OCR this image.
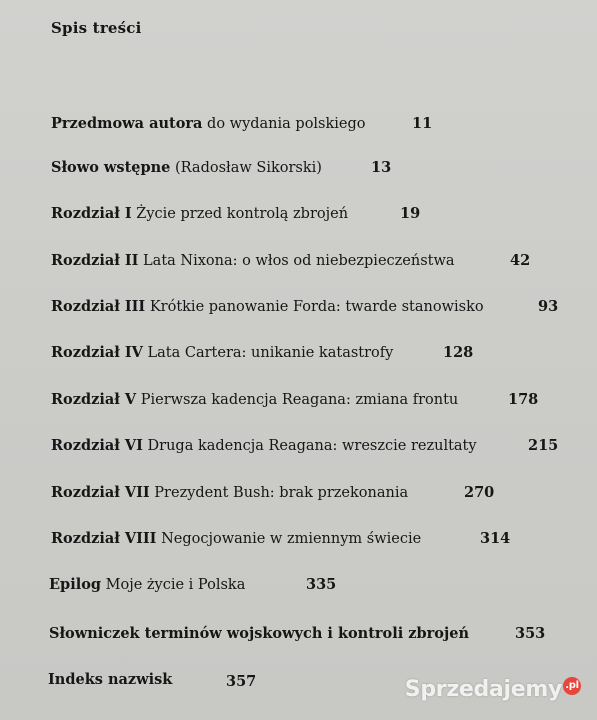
Spis treści
Przedmowa autora do wydania polskiego	11
Słowo wstępne (Radosław Sikorski)	13
Rozdział I Życie przed kontrolą zbrojeń	19
Rozdział II Lata Nixona: o włos od niebezpieczeństwa	42
Rozdział III Krótkie panowanie Forda: twarde stanowisko	93
Rozdział IV Lata Cartera: unikanie katastrofy	128
Rozdział V Pierwsza kadencja Reagana: zmiana frontu	178
Rozdział VI Druga kadencja Reagana: wreszcie rezultaty	215
Rozdział VII Prezydent Bush: brak przekonania	270
Rozdział VIII Negocjowanie w zmiennym świecie	314
Epilog Moje życie i Polska	335
Słowniczek terminów wojskowych i kontroli zbrojeń	353
Indeks nazwisk	357	Sprzedajemy .pl
